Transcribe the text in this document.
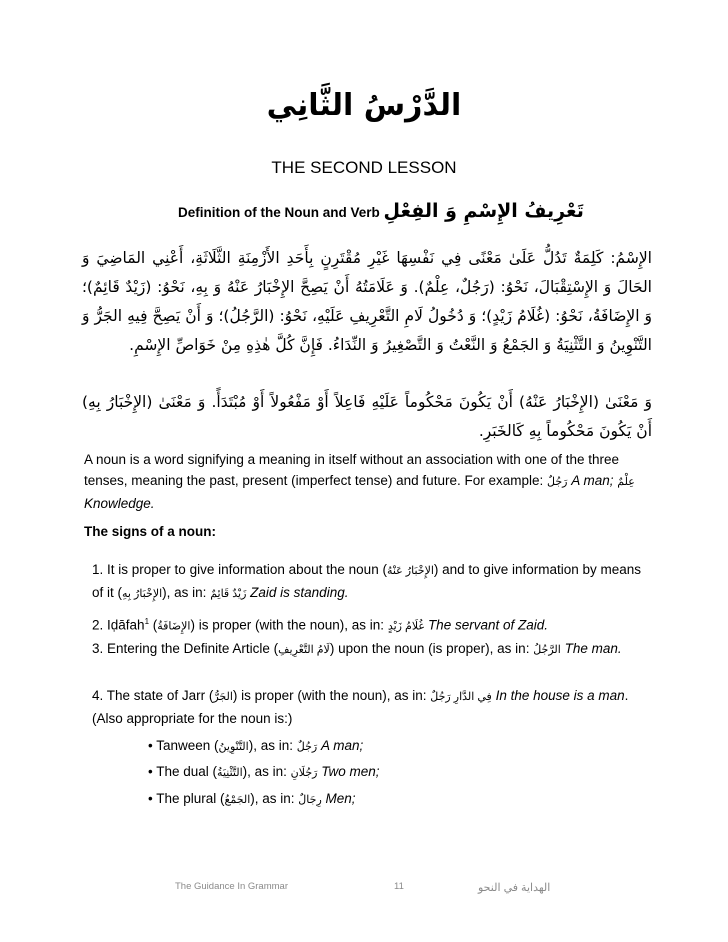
الدَّرْسُ الثَّانِي
THE SECOND LESSON
Definition of the Noun and Verb تَعْرِيفُ الإِسْمِ وَ الفِعْلِ
الإِسْمُ: كَلِمَةٌ تَدُلُّ عَلَىٰ مَعْنًى فِي نَفْسِهَا غَيْرِ مُقْتَرِنٍ بِأَحَدِ الأَزْمِنَةِ الثَّلَاثَةِ، أَعْنِي المَاضِيَ وَ الحَالَ وَ الإِسْتِقْبَالَ، نَحْوُ: (رَجُلٌ، عِلْمٌ). وَ عَلَامَتُهُ أَنْ يَصِحَّ الإِخْبَارُ عَنْهُ وَ بِهِ، نَحْوُ: (زَيْدٌ قَائِمٌ)؛ وَ الإِضَافَةُ، نَحْوُ: (غُلَامُ زَيْدٍ)؛ وَ دُخُولُ لَامِ التَّعْرِيفِ عَلَيْهِ، نَحْوُ: (الرَّجُلُ)؛ وَ أَنْ يَصِحَّ فِيهِ الجَرُّ وَ التَّنْوِينُ وَ التَّثْنِيَةُ وَ الجَمْعُ وَ النَّعْتُ وَ التَّصْغِيرُ وَ النِّدَاءُ. فَإِنَّ كُلَّ هٰذِهِ مِنْ خَوَاصِّ الإِسْمِ.
وَ مَعْنَىٰ (الإِخْبَارُ عَنْهُ) أَنْ يَكُونَ مَحْكُوماً عَلَيْهِ فَاعِلاً أَوْ مَفْعُولاً أَوْ مُبْتَدَأً. وَ مَعْنَىٰ (الإِخْبَارُ بِهِ) أَنْ يَكُونَ مَحْكُوماً بِهِ كَالخَبَرِ.
A noun is a word signifying a meaning in itself without an association with one of the three tenses, meaning the past, present (imperfect tense) and future. For example: رَجُلٌ A man; عِلْمٌ Knowledge.
The signs of a noun:
1. It is proper to give information about the noun (الإِخْبَارُ عَنْهُ) and to give information by means of it (الإِخْبَارُ بِهِ), as in: زَيْدٌ قَائِمٌ Zaid is standing.
2. Iḍāfah$^1$ (الإِضَافَةُ) is proper (with the noun), as in: غُلَامُ زَيْدٍ The servant of Zaid.
3. Entering the Definite Article (لَامُ التَّعْرِيفِ) upon the noun (is proper), as in: الرَّجُلُ The man.
4. The state of Jarr (الجَرُّ) is proper (with the noun), as in: فِي الدَّارِ رَجُلٌ In the house is a man. (Also appropriate for the noun is:)
• Tanween (التَّنْوِينُ), as in: رَجُلٌ A man;
• The dual (التَّثْنِيَةُ), as in: رَجُلَانِ Two men;
• The plural (الجَمْعُ), as in: رِجَالٌ Men;
The Guidance In Grammar	11	الهداية في النحو
